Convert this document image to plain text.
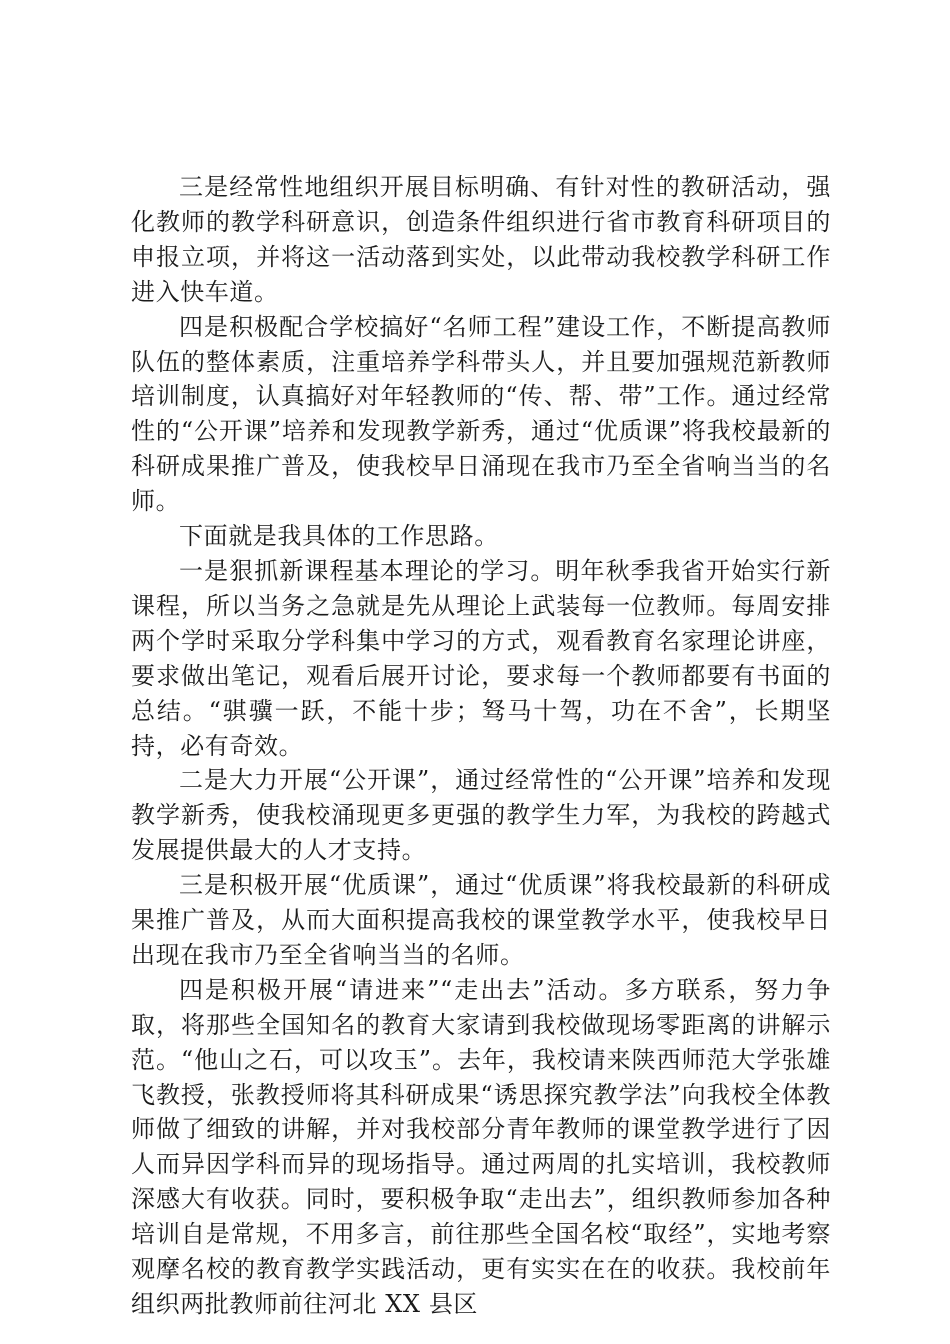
三是经常性地组织开展目标明确、有针对性的教研活动，强化教师的教学科研意识，创造条件组织进行省市教育科研项目的申报立项，并将这一活动落到实处，以此带动我校教学科研工作进入快车道。

四是积极配合学校搞好“名师工程”建设工作，不断提高教师队伍的整体素质，注重培养学科带头人，并且要加强规范新教师培训制度，认真搞好对年轻教师的“传、帮、带”工作。通过经常性的“公开课”培养和发现教学新秀，通过“优质课”将我校最新的科研成果推广普及，使我校早日涌现在我市乃至全省响当当的名师。

下面就是我具体的工作思路。

一是狠抓新课程基本理论的学习。明年秋季我省开始实行新课程，所以当务之急就是先从理论上武装每一位教师。每周安排两个学时采取分学科集中学习的方式，观看教育名家理论讲座，要求做出笔记，观看后展开讨论，要求每一个教师都要有书面的总结。“骐骥一跃，不能十步；驽马十驾，功在不舍”，长期坚持，必有奇效。

二是大力开展“公开课”，通过经常性的“公开课”培养和发现教学新秀，使我校涌现更多更强的教学生力军，为我校的跨越式发展提供最大的人才支持。

三是积极开展“优质课”，通过“优质课”将我校最新的科研成果推广普及，从而大面积提高我校的课堂教学水平，使我校早日出现在我市乃至全省响当当的名师。

四是积极开展“请进来”“走出去”活动。多方联系，努力争取，将那些全国知名的教育大家请到我校做现场零距离的讲解示范。“他山之石，可以攻玉”。去年，我校请来陕西师范大学张雄飞教授，张教授师将其科研成果“诱思探究教学法”向我校全体教师做了细致的讲解，并对我校部分青年教师的课堂教学进行了因人而异因学科而异的现场指导。通过两周的扎实培训，我校教师深感大有收获。同时，要积极争取“走出去”，组织教师参加各种培训自是常规，不用多言，前往那些全国名校“取经”，实地考察观摩名校的教育教学实践活动，更有实实在在的收获。我校前年组织两批教师前往河北 XX 县区
